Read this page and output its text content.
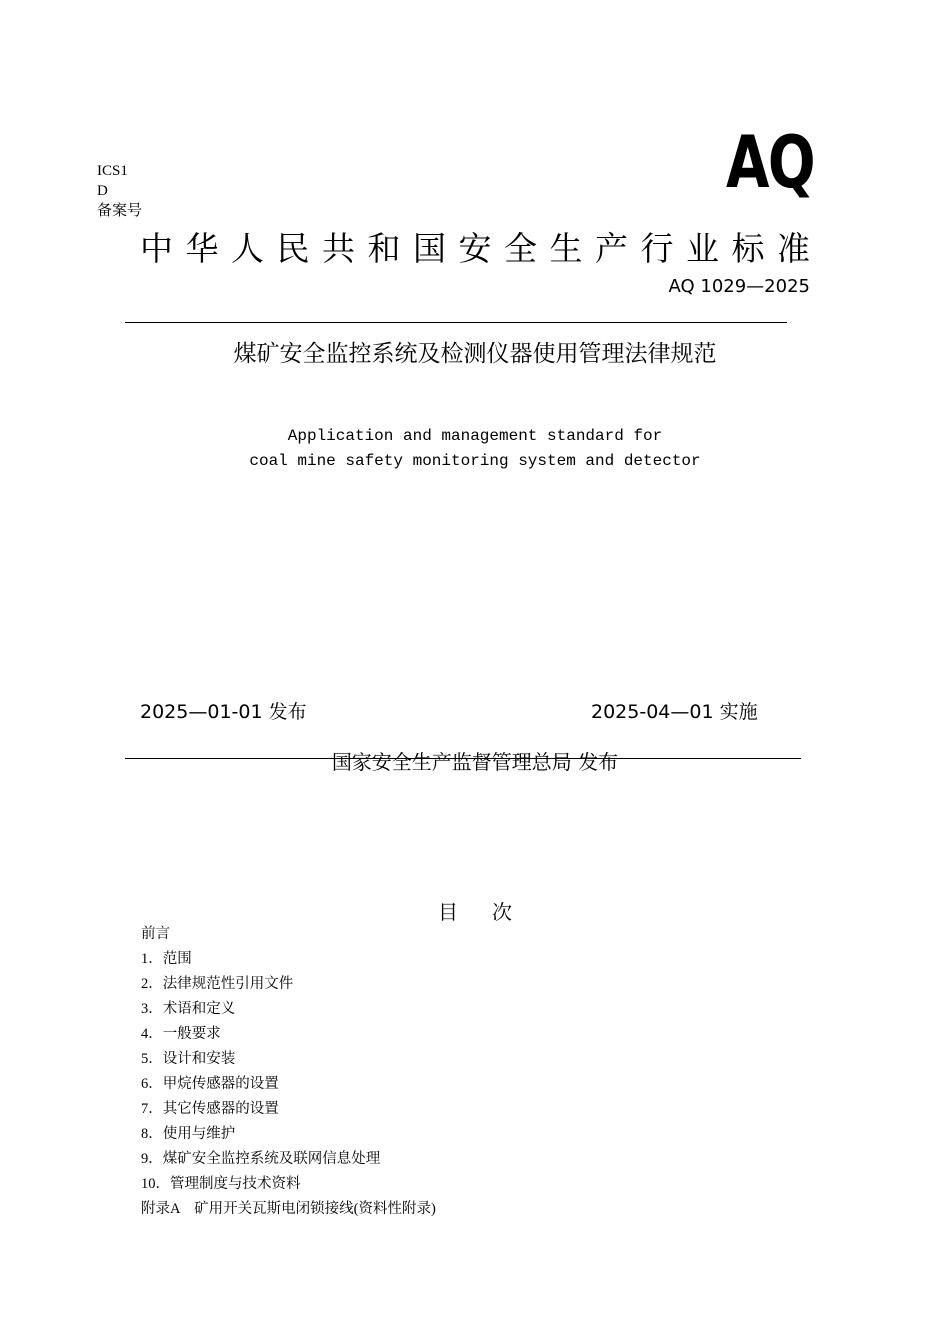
ICS1
D
备案号
AQ
中华人民共和国安全生产行业标准
AQ 1029—2025
煤矿安全监控系统及检测仪器使用管理法律规范
Application and management standard for
coal mine safety monitoring system and detector
2025—01-01 发布	2025-04—01 实施
国家安全生产监督管理总局 发布
目次
前言
1．范围
2．法律规范性引用文件
3．术语和定义
4．一般要求
5．设计和安装
6．甲烷传感器的设置
7．其它传感器的设置
8．使用与维护
9．煤矿安全监控系统及联网信息处理
10．管理制度与技术资料
附录A　矿用开关瓦斯电闭锁接线(资料性附录)
